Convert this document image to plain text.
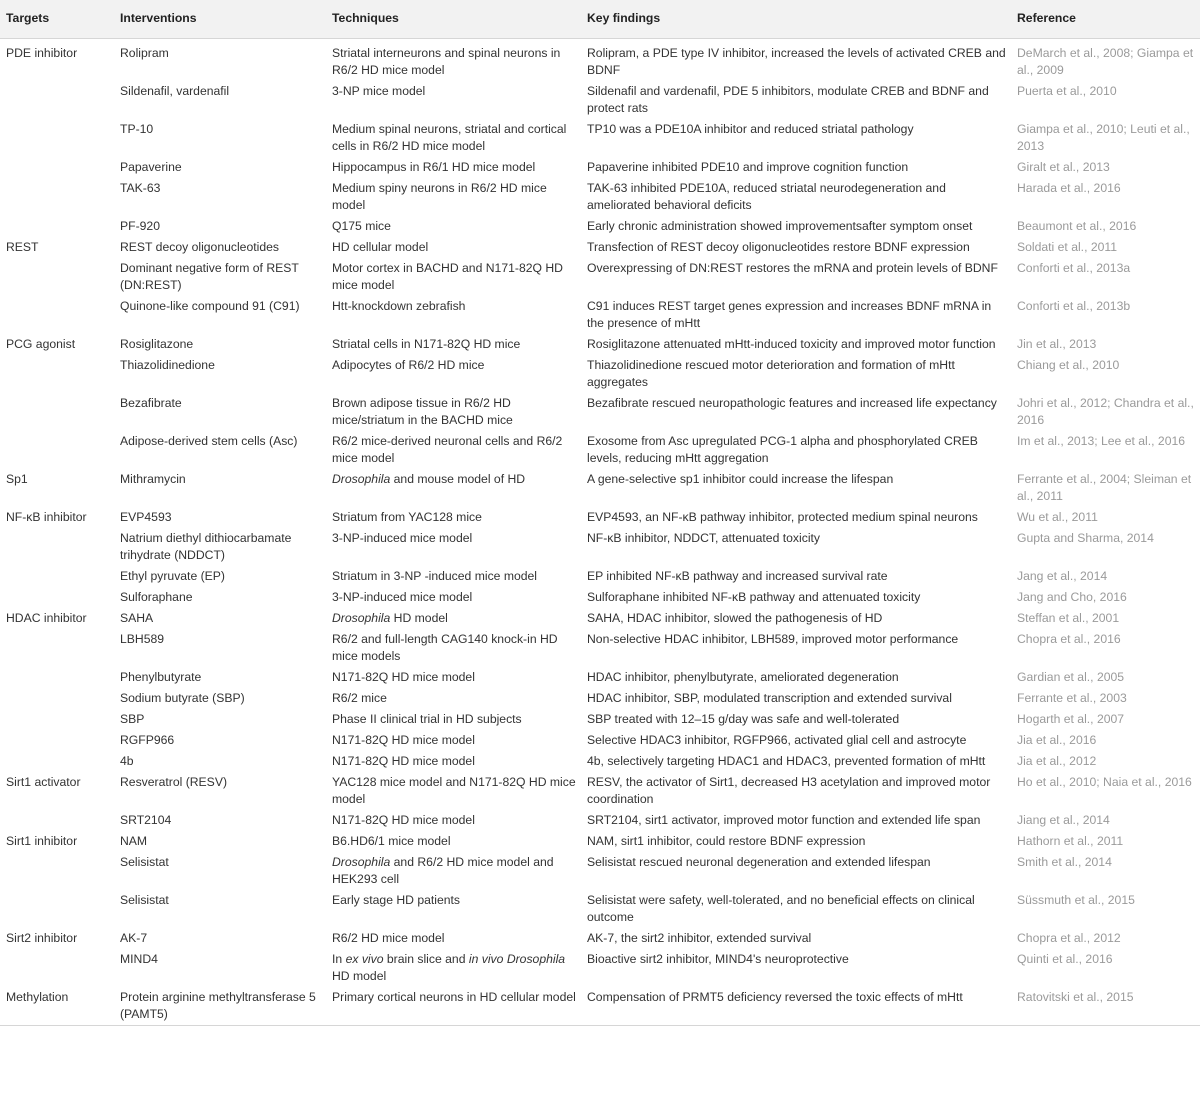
Targets	Interventions	Techniques	Key findings	Reference
PDE inhibitor	Rolipram	Striatal interneurons and spinal neurons in R6/2 HD mice model	Rolipram, a PDE type IV inhibitor, increased the levels of activated CREB and BDNF	DeMarch et al., 2008; Giampa et al., 2009
	Sildenafil, vardenafil	3-NP mice model	Sildenafil and vardenafil, PDE 5 inhibitors, modulate CREB and BDNF and protect rats	Puerta et al., 2010
	TP-10	Medium spinal neurons, striatal and cortical cells in R6/2 HD mice model	TP10 was a PDE10A inhibitor and reduced striatal pathology	Giampa et al., 2010; Leuti et al., 2013
	Papaverine	Hippocampus in R6/1 HD mice model	Papaverine inhibited PDE10 and improve cognition function	Giralt et al., 2013
	TAK-63	Medium spiny neurons in R6/2 HD mice model	TAK-63 inhibited PDE10A, reduced striatal neurodegeneration and ameliorated behavioral deficits	Harada et al., 2016
	PF-920	Q175 mice	Early chronic administration showed improvementsafter symptom onset	Beaumont et al., 2016
REST	REST decoy oligonucleotides	HD cellular model	Transfection of REST decoy oligonucleotides restore BDNF expression	Soldati et al., 2011
	Dominant negative form of REST (DN:REST)	Motor cortex in BACHD and N171-82Q HD mice model	Overexpressing of DN:REST restores the mRNA and protein levels of BDNF	Conforti et al., 2013a
	Quinone-like compound 91 (C91)	Htt-knockdown zebrafish	C91 induces REST target genes expression and increases BDNF mRNA in the presence of mHtt	Conforti et al., 2013b
PCG agonist	Rosiglitazone	Striatal cells in N171-82Q HD mice	Rosiglitazone attenuated mHtt-induced toxicity and improved motor function	Jin et al., 2013
	Thiazolidinedione	Adipocytes of R6/2 HD mice	Thiazolidinedione rescued motor deterioration and formation of mHtt aggregates	Chiang et al., 2010
	Bezafibrate	Brown adipose tissue in R6/2 HD mice/striatum in the BACHD mice	Bezafibrate rescued neuropathologic features and increased life expectancy	Johri et al., 2012; Chandra et al., 2016
	Adipose-derived stem cells (Asc)	R6/2 mice-derived neuronal cells and R6/2 mice model	Exosome from Asc upregulated PCG-1 alpha and phosphorylated CREB levels, reducing mHtt aggregation	Im et al., 2013; Lee et al., 2016
Sp1	Mithramycin	Drosophila and mouse model of HD	A gene-selective sp1 inhibitor could increase the lifespan	Ferrante et al., 2004; Sleiman et al., 2011
NF-κB inhibitor	EVP4593	Striatum from YAC128 mice	EVP4593, an NF-κB pathway inhibitor, protected medium spinal neurons	Wu et al., 2011
	Natrium diethyl dithiocarbamate trihydrate (NDDCT)	3-NP-induced mice model	NF-κB inhibitor, NDDCT, attenuated toxicity	Gupta and Sharma, 2014
	Ethyl pyruvate (EP)	Striatum in 3-NP -induced mice model	EP inhibited NF-κB pathway and increased survival rate	Jang et al., 2014
	Sulforaphane	3-NP-induced mice model	Sulforaphane inhibited NF-κB pathway and attenuated toxicity	Jang and Cho, 2016
HDAC inhibitor	SAHA	Drosophila HD model	SAHA, HDAC inhibitor, slowed the pathogenesis of HD	Steffan et al., 2001
	LBH589	R6/2 and full-length CAG140 knock-in HD mice models	Non-selective HDAC inhibitor, LBH589, improved motor performance	Chopra et al., 2016
	Phenylbutyrate	N171-82Q HD mice model	HDAC inhibitor, phenylbutyrate, ameliorated degeneration	Gardian et al., 2005
	Sodium butyrate (SBP)	R6/2 mice	HDAC inhibitor, SBP, modulated transcription and extended survival	Ferrante et al., 2003
	SBP	Phase II clinical trial in HD subjects	SBP treated with 12–15 g/day was safe and well-tolerated	Hogarth et al., 2007
	RGFP966	N171-82Q HD mice model	Selective HDAC3 inhibitor, RGFP966, activated glial cell and astrocyte	Jia et al., 2016
	4b	N171-82Q HD mice model	4b, selectively targeting HDAC1 and HDAC3, prevented formation of mHtt	Jia et al., 2012
Sirt1 activator	Resveratrol (RESV)	YAC128 mice model and N171-82Q HD mice model	RESV, the activator of Sirt1, decreased H3 acetylation and improved motor coordination	Ho et al., 2010; Naia et al., 2016
	SRT2104	N171-82Q HD mice model	SRT2104, sirt1 activator, improved motor function and extended life span	Jiang et al., 2014
Sirt1 inhibitor	NAM	B6.HD6/1 mice model	NAM, sirt1 inhibitor, could restore BDNF expression	Hathorn et al., 2011
	Selisistat	Drosophila and R6/2 HD mice model and HEK293 cell	Selisistat rescued neuronal degeneration and extended lifespan	Smith et al., 2014
	Selisistat	Early stage HD patients	Selisistat were safety, well-tolerated, and no beneficial effects on clinical outcome	Süssmuth et al., 2015
Sirt2 inhibitor	AK-7	R6/2 HD mice model	AK-7, the sirt2 inhibitor, extended survival	Chopra et al., 2012
	MIND4	In ex vivo brain slice and in vivo Drosophila HD model	Bioactive sirt2 inhibitor, MIND4's neuroprotective	Quinti et al., 2016
Methylation	Protein arginine methyltransferase 5 (PAMT5)	Primary cortical neurons in HD cellular model	Compensation of PRMT5 deficiency reversed the toxic effects of mHtt	Ratovitski et al., 2015
